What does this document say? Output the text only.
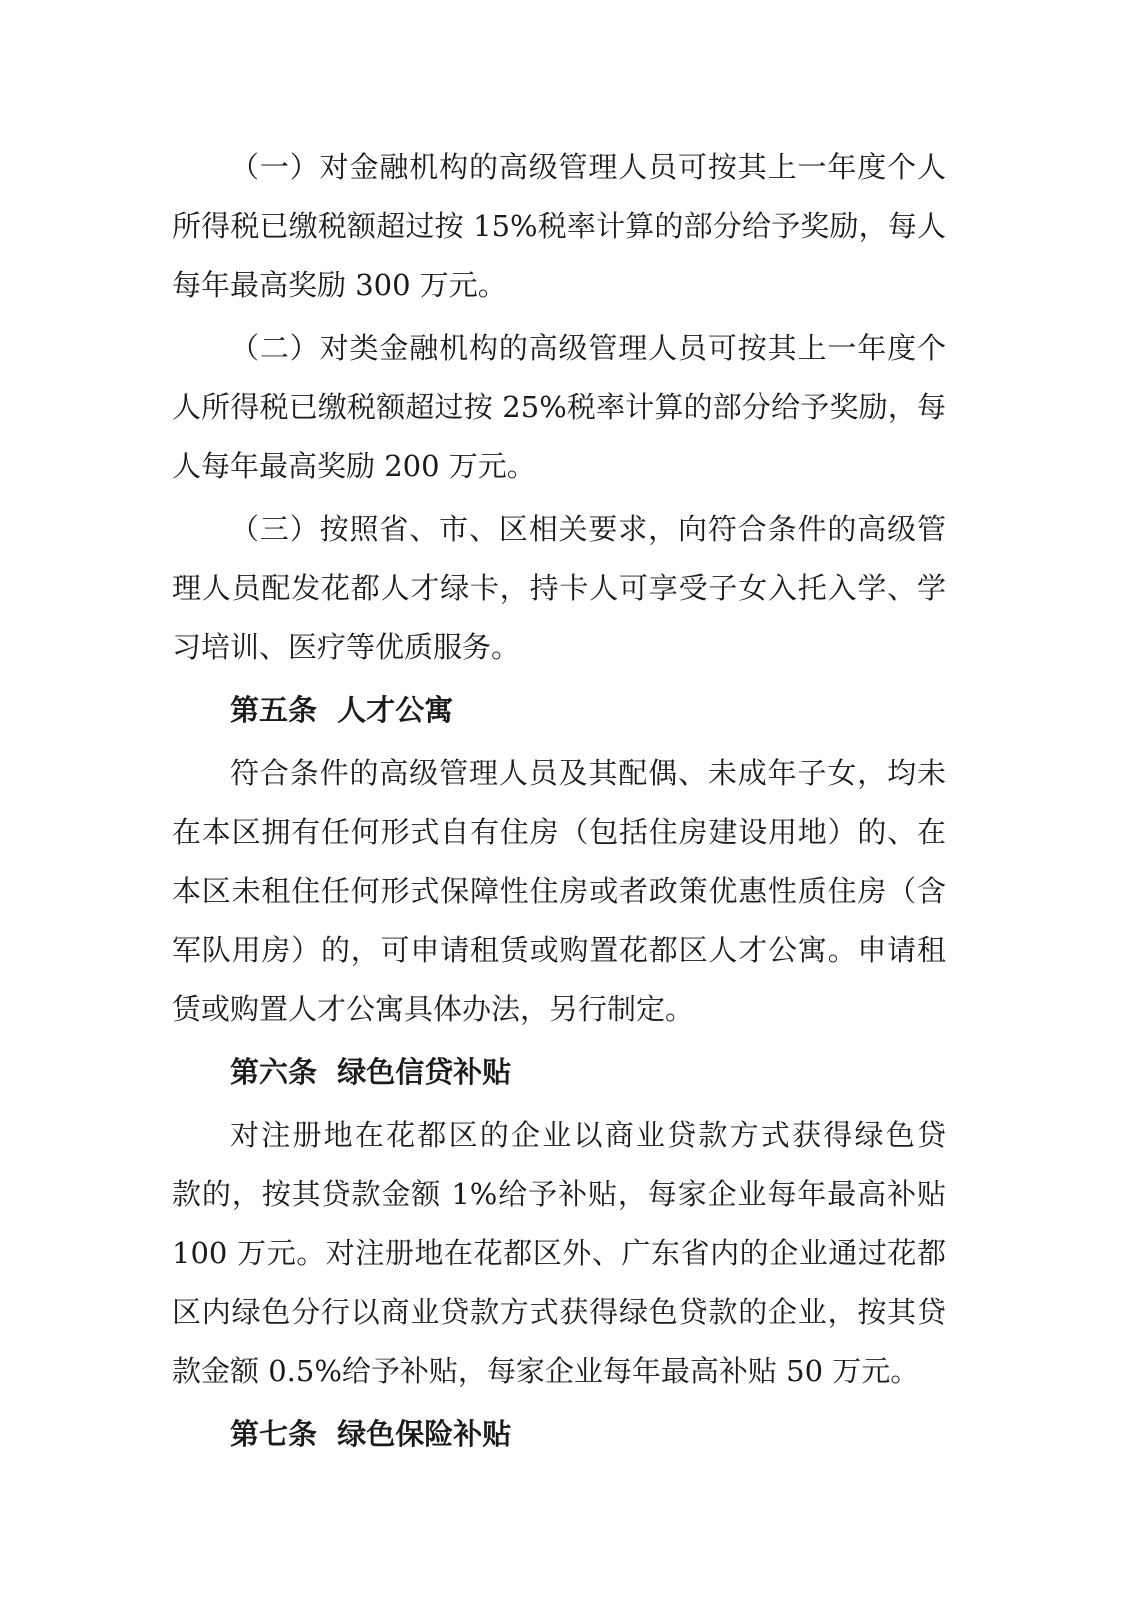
（一）对金融机构的高级管理人员可按其上一年度个人
所得税已缴税额超过按 15%税率计算的部分给予奖励，每人
每年最高奖励 300 万元。
（二）对类金融机构的高级管理人员可按其上一年度个
人所得税已缴税额超过按 25%税率计算的部分给予奖励，每
人每年最高奖励 200 万元。
（三）按照省、市、区相关要求，向符合条件的高级管
理人员配发花都人才绿卡，持卡人可享受子女入托入学、学
习培训、医疗等优质服务。
第五条  人才公寓
符合条件的高级管理人员及其配偶、未成年子女，均未
在本区拥有任何形式自有住房（包括住房建设用地）的、在
本区未租住任何形式保障性住房或者政策优惠性质住房（含
军队用房）的，可申请租赁或购置花都区人才公寓。申请租
赁或购置人才公寓具体办法，另行制定。
第六条  绿色信贷补贴
对注册地在花都区的企业以商业贷款方式获得绿色贷
款的，按其贷款金额 1%给予补贴，每家企业每年最高补贴
100 万元。对注册地在花都区外、广东省内的企业通过花都
区内绿色分行以商业贷款方式获得绿色贷款的企业，按其贷
款金额 0.5%给予补贴，每家企业每年最高补贴 50 万元。
第七条  绿色保险补贴
